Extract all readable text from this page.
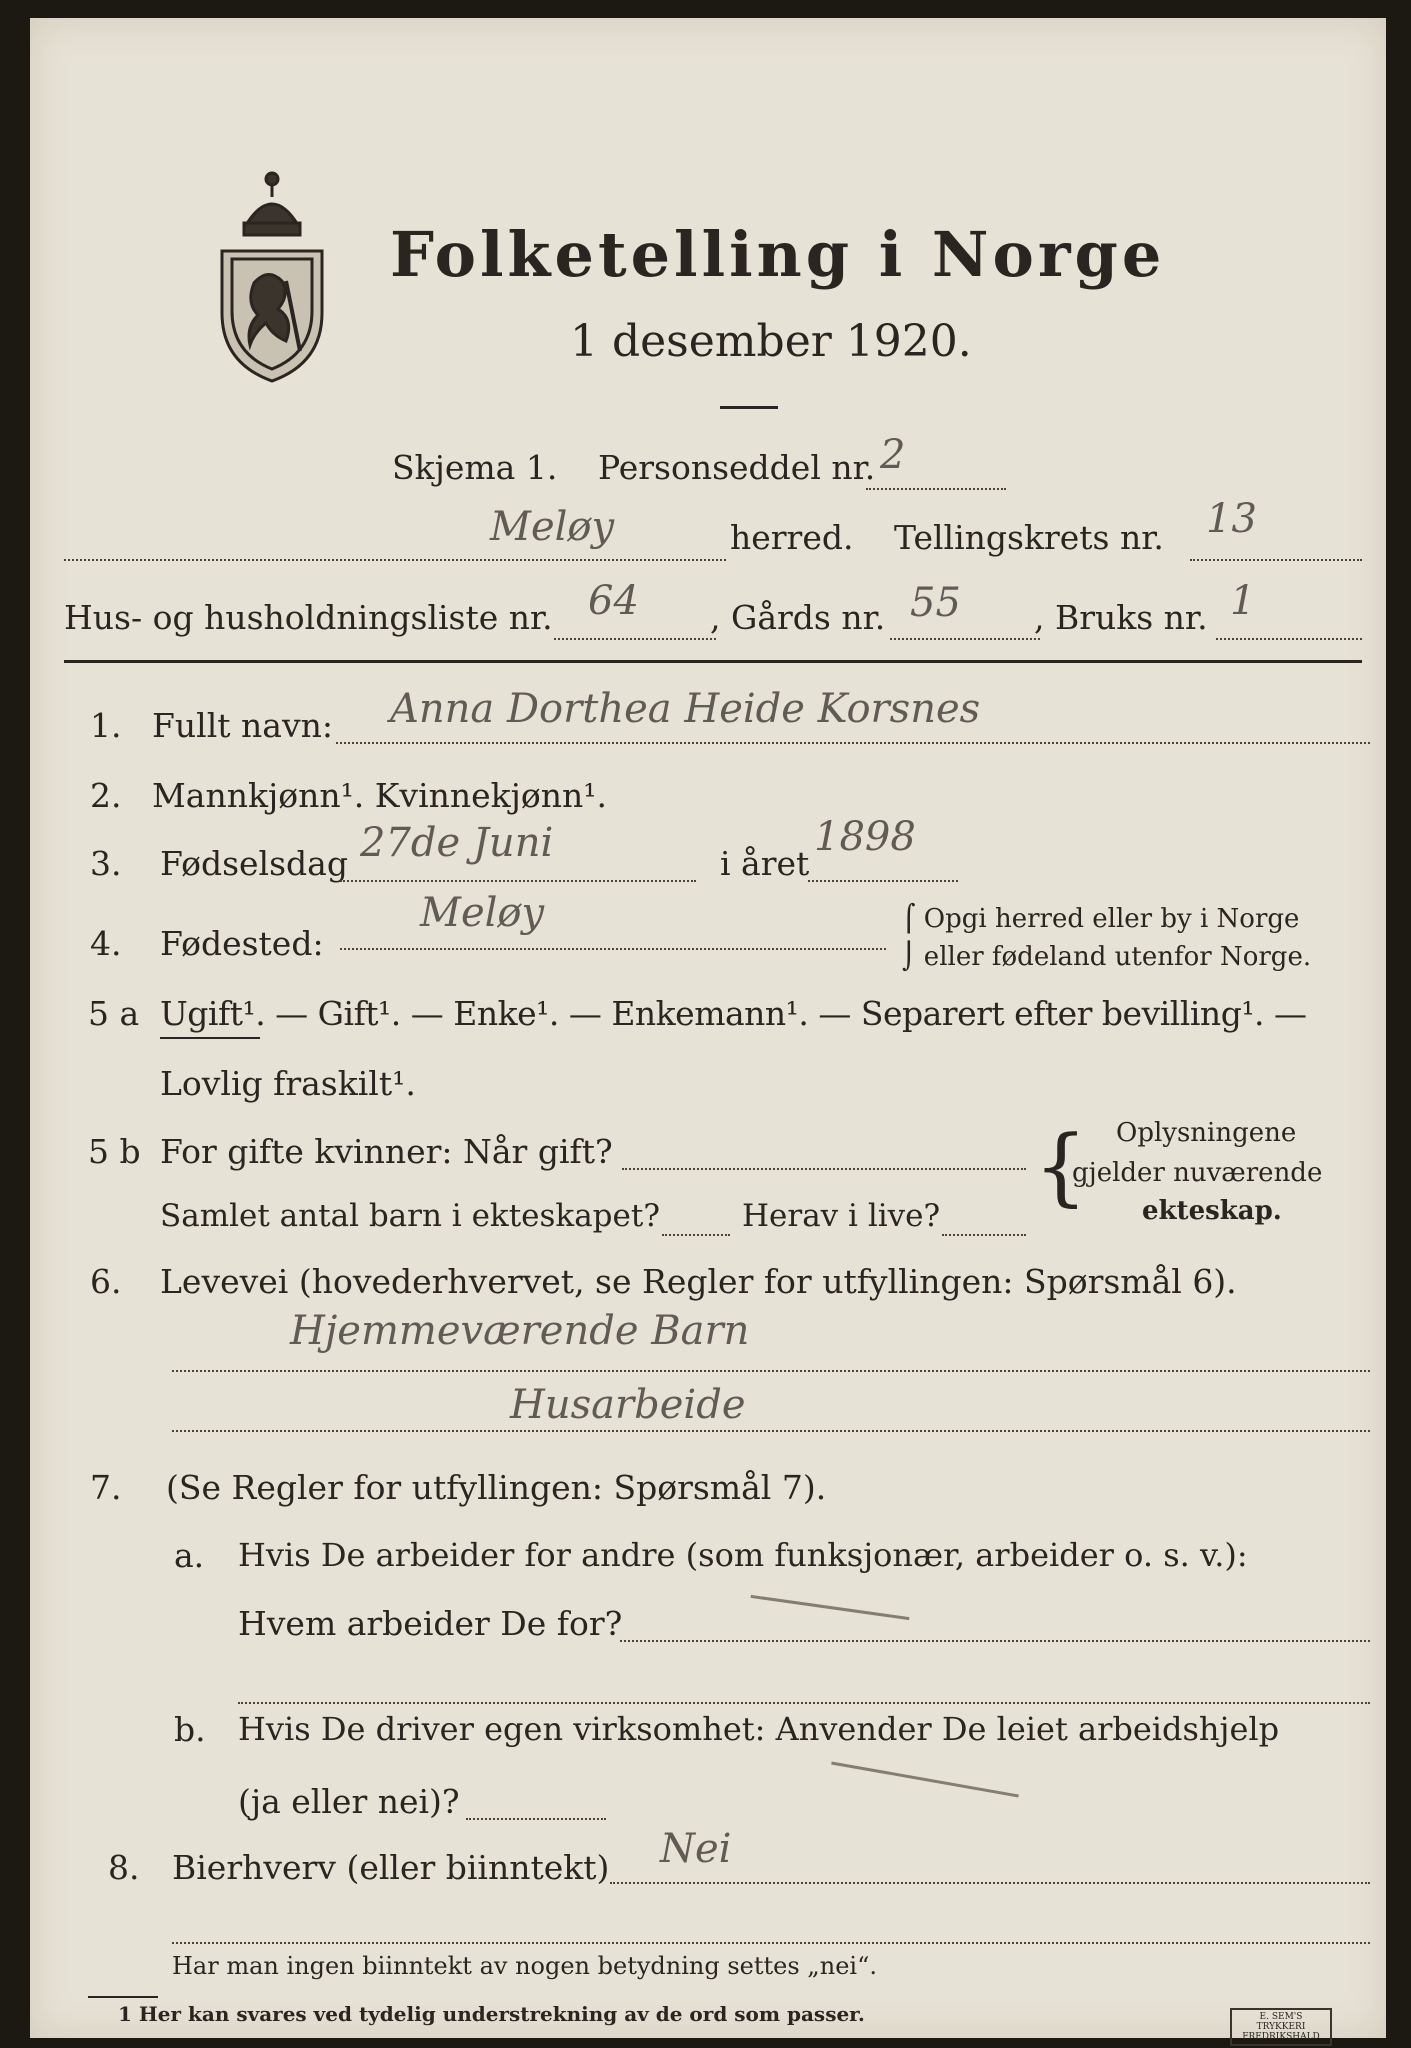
Folketelling i Norge
1 desember 1920.
Skjema 1. Personseddel nr. 2
Meløy	herred. Tellingskrets nr. 13
Hus- og husholdningsliste nr. 64 , Gårds nr. 55 , Bruks nr. 1
1. Fullt navn: Anna Dorthea Heide Korsnes
2. Mannkjønn¹. Kvinnekjønn¹.
3. Fødselsdag 27de Juni	i året
1898
4. Fødested:
Meløy	⌠ Opgi herred eller by i Norge
⌡ eller fødeland utenfor Norge.
5 a Ugift¹. — Gift¹. — Enke¹. — Enkemann¹. — Separert efter bevilling¹. —
Lovlig fraskilt¹.
5 b For gifte kvinner: Når gift?
Samlet antal barn i ekteskapet?	Herav i live?
{ Oplysningene
gjelder nuværende
ekteskap.
6. Levevei (hovederhvervet, se Regler for utfyllingen: Spørsmål 6).
Hjemmeværende Barn
Husarbeide
7. (Se Regler for utfyllingen: Spørsmål 7).
a. Hvis De arbeider for andre (som funksjonær, arbeider o. s. v.):
Hvem arbeider De for?
b. Hvis De driver egen virksomhet: Anvender De leiet arbeidshjelp
(ja eller nei)?
8. Bierhverv (eller biinntekt) Nei
Har man ingen biinntekt av nogen betydning settes „nei“.
1 Her kan svares ved tydelig understrekning av de ord som passer.	E. SEM'S TRYKKERI FREDRIKSHALD
